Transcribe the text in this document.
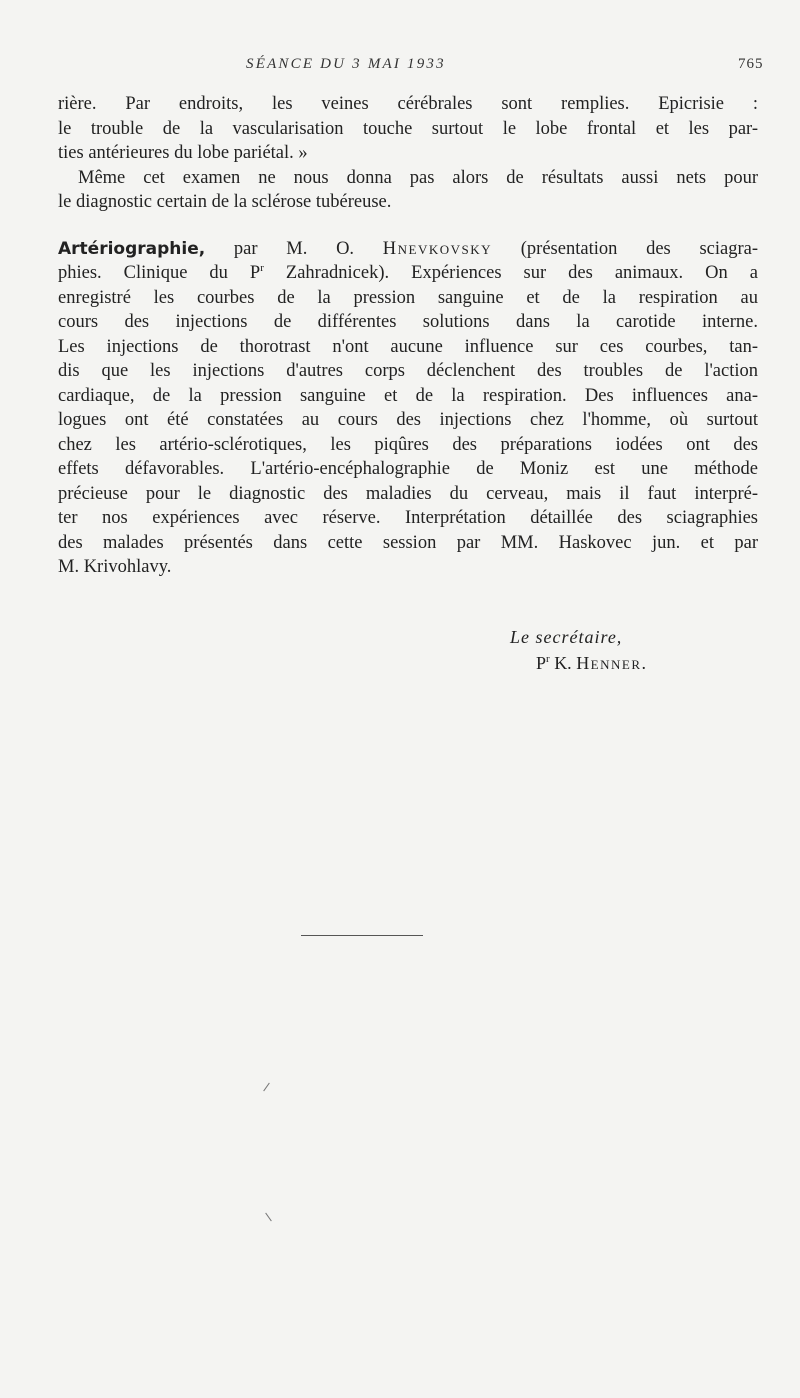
SÉANCE DU 3 MAI 1933	765

rière. Par endroits, les veines cérébrales sont remplies. Epicrisie :
le trouble de la vascularisation touche surtout le lobe frontal et les par-
ties antérieures du lobe pariétal. »

Même cet examen ne nous donna pas alors de résultats aussi nets pour
le diagnostic certain de la sclérose tubéreuse.

Artériographie, par M. O. Hnevkovsky (présentation des sciagra-
phies. Clinique du $P^r$ Zahradnicek). Expériences sur des animaux. On a
enregistré les courbes de la pression sanguine et de la respiration au
cours des injections de différentes solutions dans la carotide interne.
Les injections de thorotrast n'ont aucune influence sur ces courbes, tan-
dis que les injections d'autres corps déclenchent des troubles de l'action
cardiaque, de la pression sanguine et de la respiration. Des influences ana-
logues ont été constatées au cours des injections chez l'homme, où surtout
chez les artério-sclérotiques, les piqûres des préparations iodées ont des
effets défavorables. L'artério-encéphalographie de Moniz est une méthode
précieuse pour le diagnostic des maladies du cerveau, mais il faut interpré-
ter nos expériences avec réserve. Interprétation détaillée des sciagraphies
des malades présentés dans cette session par MM. Haskovec jun. et par
M. Krivohlavy.

Le secrétaire,
$P^r$ K. Henner.
